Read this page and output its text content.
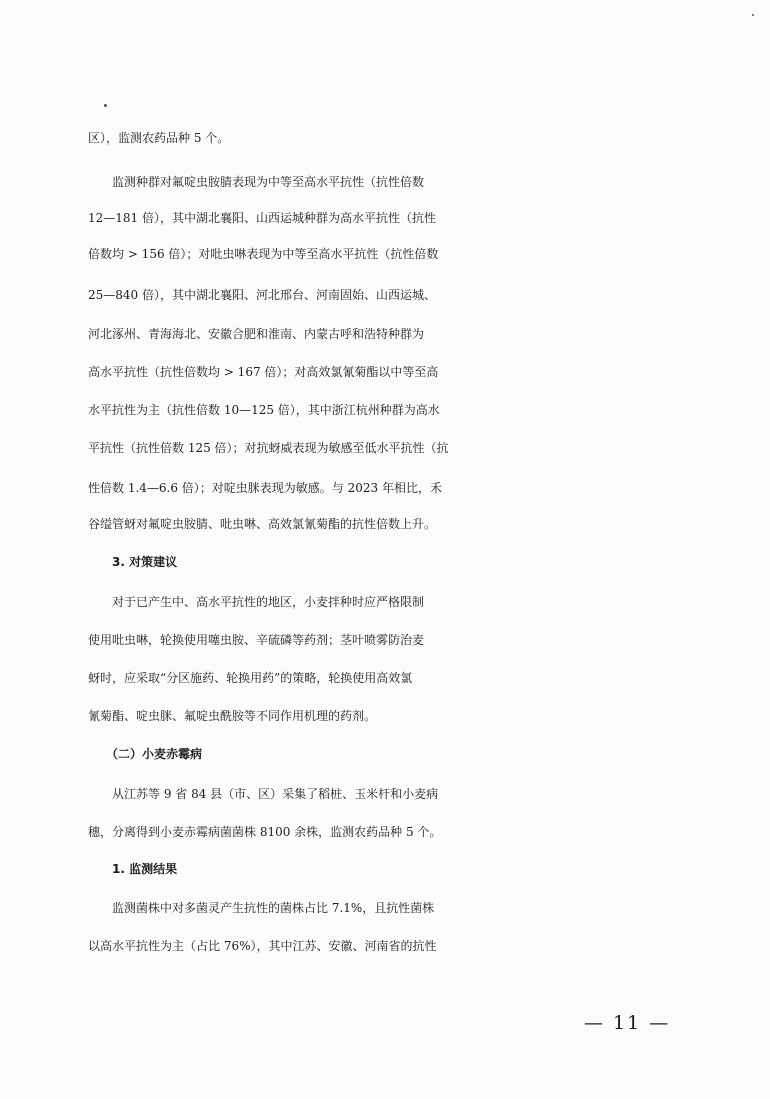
区），监测农药品种 5 个。
　　监测种群对氟啶虫胺腈表现为中等至高水平抗性（抗性倍数
12—181 倍），其中湖北襄阳、山西运城种群为高水平抗性（抗性
倍数均 > 156 倍）；对吡虫啉表现为中等至高水平抗性（抗性倍数
25—840 倍），其中湖北襄阳、河北邢台、河南固始、山西运城、
河北涿州、青海海北、安徽合肥和淮南、内蒙古呼和浩特种群为
高水平抗性（抗性倍数均 > 167 倍）；对高效氯氰菊酯以中等至高
水平抗性为主（抗性倍数 10—125 倍），其中浙江杭州种群为高水
平抗性（抗性倍数 125 倍）；对抗蚜威表现为敏感至低水平抗性（抗
性倍数 1.4—6.6 倍）；对啶虫脒表现为敏感。与 2023 年相比，禾
谷缢管蚜对氟啶虫胺腈、吡虫啉、高效氯氰菊酯的抗性倍数上升。
　　3. 对策建议
　　对于已产生中、高水平抗性的地区，小麦拌种时应严格限制
使用吡虫啉，轮换使用噻虫胺、辛硫磷等药剂；茎叶喷雾防治麦
蚜时，应采取“分区施药、轮换用药”的策略，轮换使用高效氯
氰菊酯、啶虫脒、氟啶虫酰胺等不同作用机理的药剂。
　　（二）小麦赤霉病
　　从江苏等 9 省 84 县（市、区）采集了稻桩、玉米杆和小麦病
穗，分离得到小麦赤霉病菌菌株 8100 余株，监测农药品种 5 个。
　　1. 监测结果
　　监测菌株中对多菌灵产生抗性的菌株占比 7.1%，且抗性菌株
以高水平抗性为主（占比 76%），其中江苏、安徽、河南省的抗性
— 11 —
